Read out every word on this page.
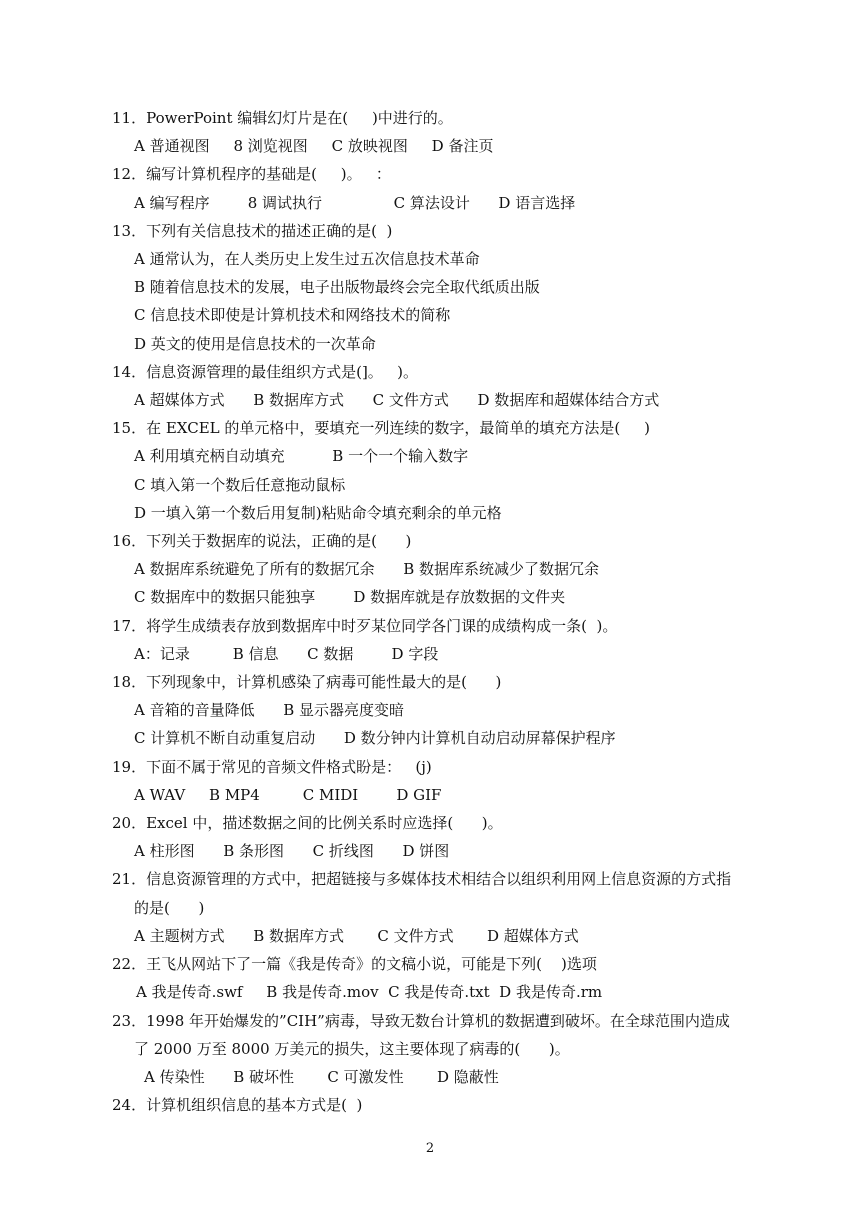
11．PowerPoint 编辑幻灯片是在(     )中进行的。
A 普通视图     8 浏览视图     C 放映视图     D 备注页
12．编写计算机程序的基础是(     )。   ：
A 编写程序        8 调试执行               C 算法设计      D 语言选择
13．下列有关信息技术的描述正确的是(  )
A 通常认为，在人类历史上发生过五次信息技术革命
B 随着信息技术的发展，电子出版物最终会完全取代纸质出版
C 信息技术即使是计算机技术和网络技术的简称
D 英文的使用是信息技术的一次革命
14．信息资源管理的最佳组织方式是(]。   )。
A 超媒体方式      B 数据库方式      C 文件方式      D 数据库和超媒体结合方式
15．在 EXCEL 的单元格中，要填充一列连续的数字，最简单的填充方法是(     )
A 利用填充柄自动填充          B 一个一个输入数字
C 填入第一个数后任意拖动鼠标
D 一填入第一个数后用复制)粘贴命令填充剩余的单元格
16．下列关于数据库的说法，正确的是(      )
A 数据库系统避免了所有的数据冗余      B 数据库系统减少了数据冗余
C 数据库中的数据只能独享        D 数据库就是存放数据的文件夹
17．将学生成绩表存放到数据库中时歹某位同学各门课的成绩构成一条(  )。
A：记录         B 信息      C 数据        D 字段
18．下列现象中，计算机感染了病毒可能性最大的是(      )
A 音箱的音量降低      B 显示器亮度变暗
C 计算机不断自动重复启动      D 数分钟内计算机自动启动屏幕保护程序
19．下面不属于常见的音频文件格式盼是：   (j)
A WAV     B MP4         C MIDI        D GIF
20．Excel 中，描述数据之间的比例关系时应选择(      )。
A 柱形图      B 条形图      C 折线图      D 饼图
21．信息资源管理的方式中，把超链接与多媒体技术相结合以组织利用网上信息资源的方式指
的是(      )
A 主题树方式      B 数据库方式       C 文件方式       D 超媒体方式
22．王飞从网站下了一篇《我是传奇》的文稿小说，可能是下列(    )选项
A 我是传奇.swf     B 我是传奇.mov  C 我是传奇.txt  D 我是传奇.rm
23．1998 年开始爆发的”CIH”病毒，导致无数台计算机的数据遭到破坏。在全球范围内造成
了 2000 万至 8000 万美元的损失，这主要体现了病毒的(      )。
A 传染性      B 破坏性       C 可激发性       D 隐蔽性
24．计算机组织信息的基本方式是(  )
2
